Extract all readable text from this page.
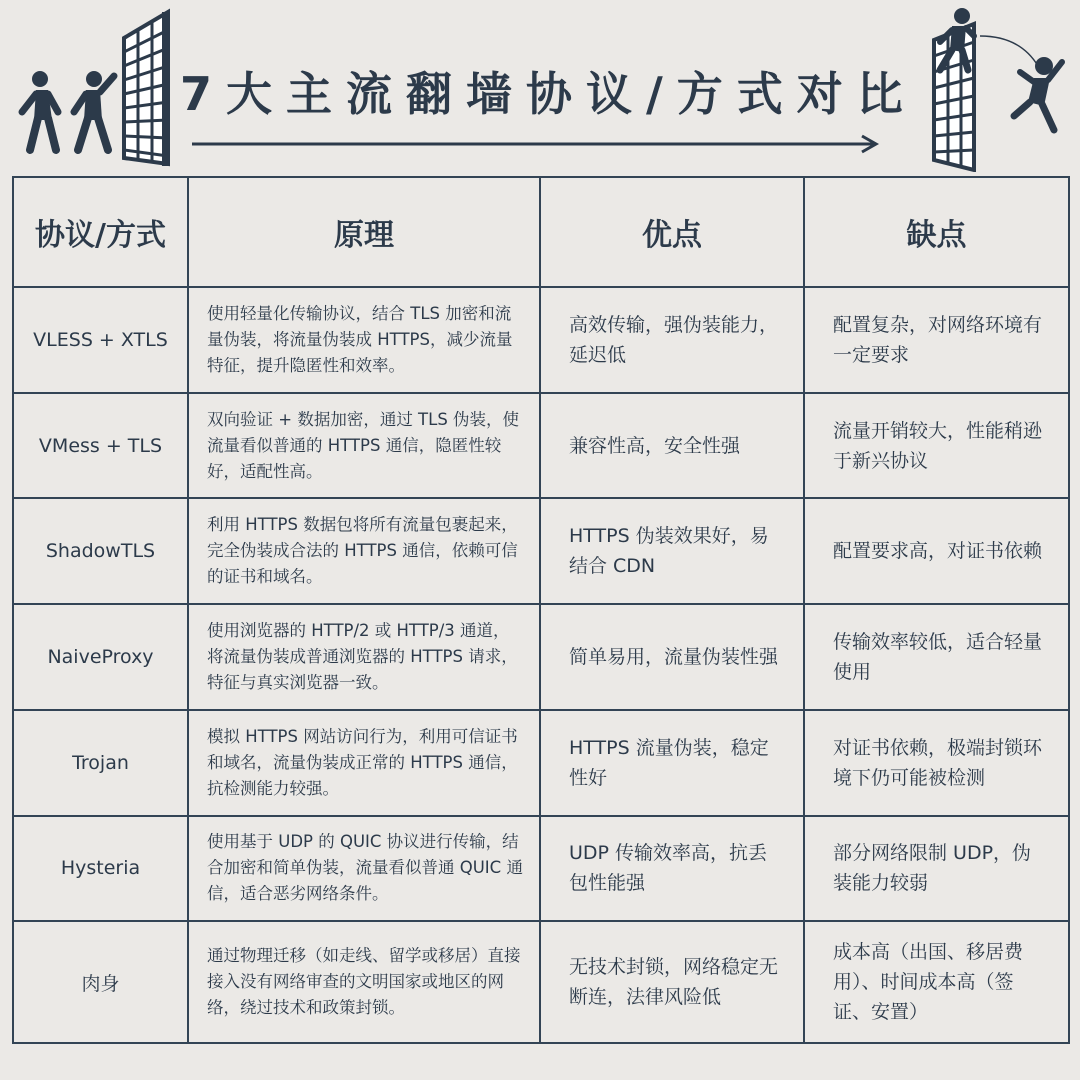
7大主流翻墙协议/方式对比
协议/方式	原理	优点	缺点
VLESS + XTLS	使用轻量化传输协议，结合 TLS 加密和流量伪装，将流量伪装成 HTTPS，减少流量特征，提升隐匿性和效率。	高效传输，强伪装能力，延迟低	配置复杂，对网络环境有一定要求
VMess + TLS	双向验证 + 数据加密，通过 TLS 伪装，使流量看似普通的 HTTPS 通信，隐匿性较好，适配性高。	兼容性高，安全性强	流量开销较大，性能稍逊于新兴协议
ShadowTLS	利用 HTTPS 数据包将所有流量包裹起来，完全伪装成合法的 HTTPS 通信，依赖可信的证书和域名。	HTTPS 伪装效果好，易结合 CDN	配置要求高，对证书依赖
NaiveProxy	使用浏览器的 HTTP/2 或 HTTP/3 通道，将流量伪装成普通浏览器的 HTTPS 请求，特征与真实浏览器一致。	简单易用，流量伪装性强	传输效率较低，适合轻量使用
Trojan	模拟 HTTPS 网站访问行为，利用可信证书和域名，流量伪装成正常的 HTTPS 通信，抗检测能力较强。	HTTPS 流量伪装，稳定性好	对证书依赖，极端封锁环境下仍可能被检测
Hysteria	使用基于 UDP 的 QUIC 协议进行传输，结合加密和简单伪装，流量看似普通 QUIC 通信，适合恶劣网络条件。	UDP 传输效率高，抗丢包性能强	部分网络限制 UDP，伪装能力较弱
肉身	通过物理迁移（如走线、留学或移居）直接接入没有网络审查的文明国家或地区的网络，绕过技术和政策封锁。	无技术封锁，网络稳定无断连，法律风险低	成本高（出国、移居费用）、时间成本高（签证、安置）
